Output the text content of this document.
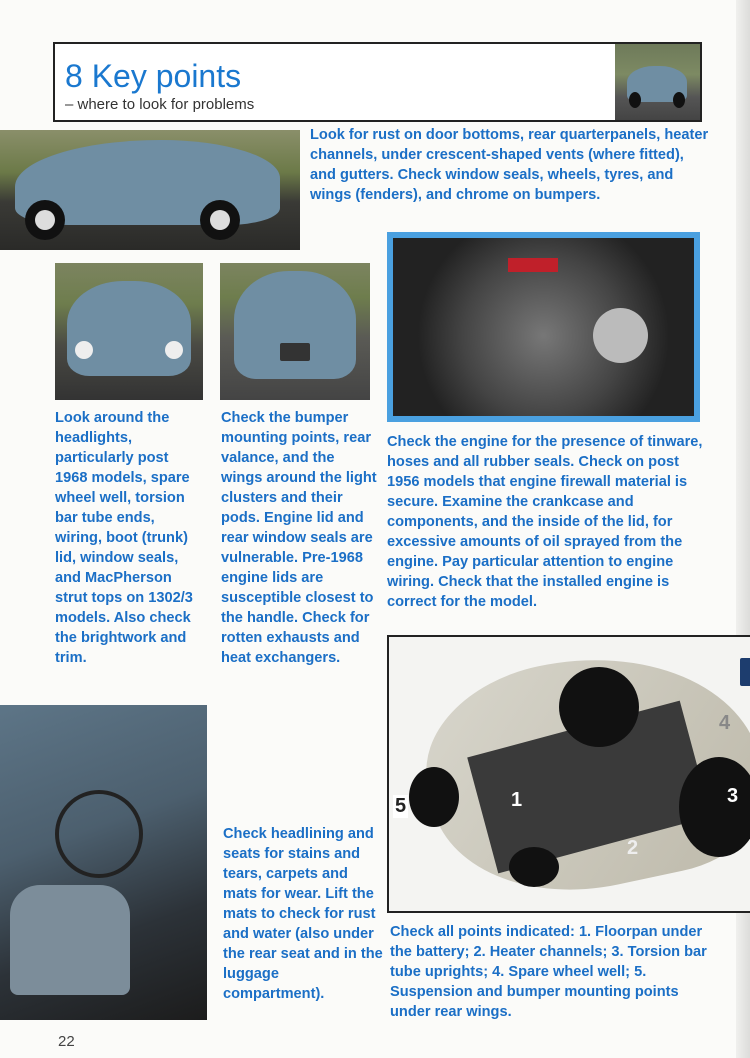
8 Key points
– where to look for problems
Look for rust on door bottoms, rear quarterpanels, heater channels, under crescent-shaped vents (where fitted), and gutters. Check window seals, wheels, tyres, and wings (fenders), and chrome on bumpers.
Look around the headlights, particularly post 1968 models, spare wheel well, torsion bar tube ends, wiring, boot (trunk) lid, window seals, and MacPherson strut tops on 1302/3 models. Also check the brightwork and trim.
Check the bumper mounting points, rear valance, and the wings around the light clusters and their pods. Engine lid and rear window seals are vulnerable. Pre-1968 engine lids are susceptible closest to the handle. Check for rotten exhausts and heat exchangers.
Check the engine for the presence of tinware, hoses and all rubber seals. Check on post 1956 models that engine firewall material is secure. Examine the crankcase and components, and the inside of the lid, for excessive amounts of oil sprayed from the engine. Pay particular attention to engine wiring. Check that the installed engine is correct for the model.
1
2
3
4
5
Check headlining and seats for stains and tears, carpets and mats for wear. Lift the mats to check for rust and water (also under the rear seat and in the luggage compartment).
Check all points indicated: 1. Floorpan under the battery; 2. Heater channels; 3. Torsion bar tube uprights; 4. Spare wheel well; 5. Suspension and bumper mounting points under rear wings.
22
